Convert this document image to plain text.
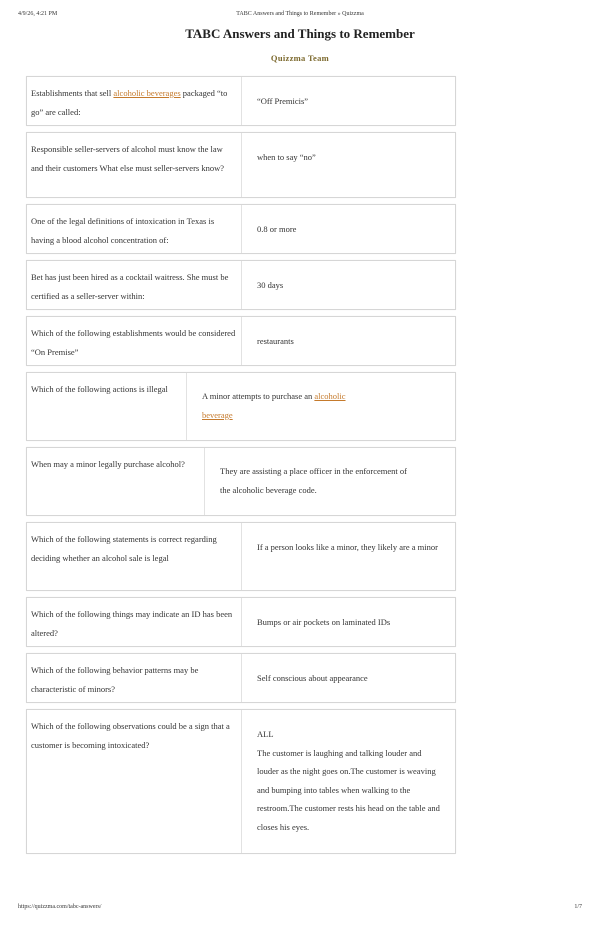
4/9/26, 4:21 PM	TABC Answers and Things to Remember » Quizzma
TABC Answers and Things to Remember
Quizzma Team
Establishments that sell alcoholic beverages packaged “to go” are called:
“Off Premicis”
Responsible seller-servers of alcohol must know the law and their customers What else must seller-servers know?
when to say “no”
One of the legal definitions of intoxication in Texas is having a blood alcohol concentration of:
0.8 or more
Bet has just been hired as a cocktail waitress. She must be certified as a seller-server within:
30 days
Which of the following establishments would be considered “On Premise”
restaurants
Which of the following actions is illegal
A minor attempts to purchase an alcoholic beverage
When may a minor legally purchase alcohol?
They are assisting a place officer in the enforcement of the alcoholic beverage code.
Which of the following statements is correct regarding deciding whether an alcohol sale is legal
If a person looks like a minor, they likely are a minor
Which of the following things may indicate an ID has been altered?
Bumps or air pockets on laminated IDs
Which of the following behavior patterns may be characteristic of minors?
Self conscious about appearance
Which of the following observations could be a sign that a customer is becoming intoxicated?
ALL
The customer is laughing and talking louder and louder as the night goes on.The customer is weaving and bumping into tables when walking to the restroom.The customer rests his head on the table and closes his eyes.
https://quizzma.com/tabc-answers/	1/7
